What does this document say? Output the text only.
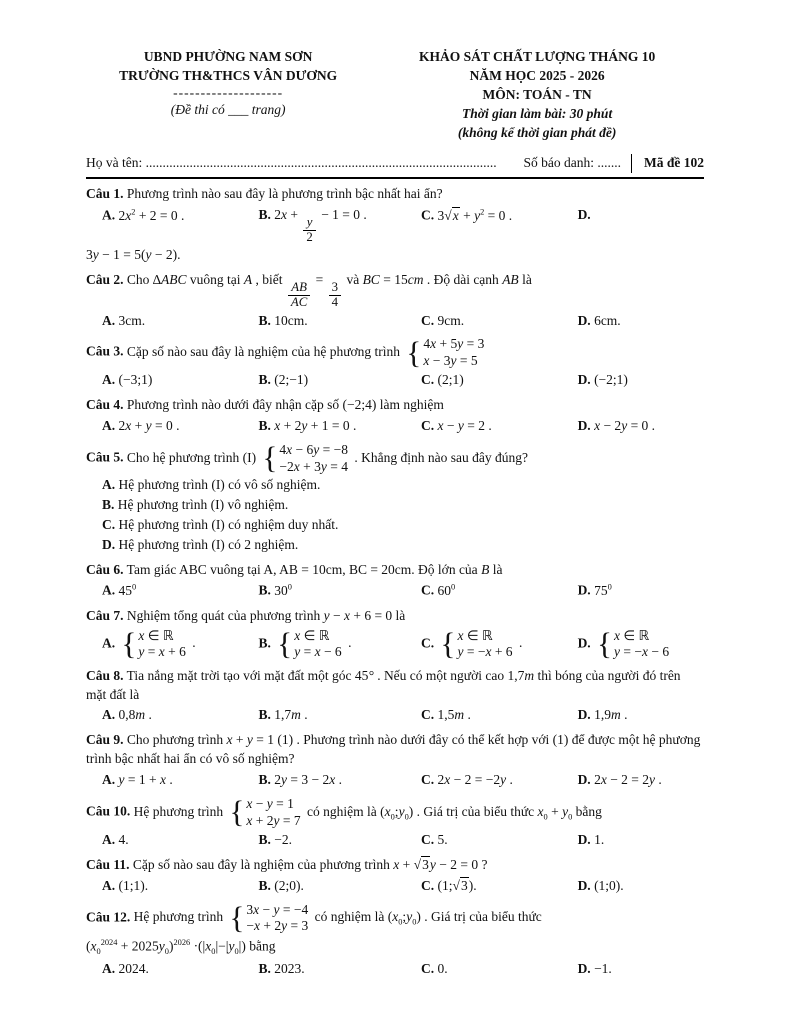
UBND PHƯỜNG NAM SƠN
TRƯỜNG TH&THCS VÂN DƯƠNG
--------------------
(Đề thi có ___ trang)
KHẢO SÁT CHẤT LƯỢNG THÁNG 10
NĂM HỌC 2025 - 2026
MÔN: TOÁN - TN
Thời gian làm bài: 30 phút
(không kể thời gian phát đề)
Họ và tên: ........................................................................................................	Số báo danh: .......	Mã đề 102
Câu 1. Phương trình nào sau đây là phương trình bậc nhất hai ẩn?
A. $2x^2 + 2 = 0$ .	B. 2x +
$\frac{y}{2}$
− 1 = 0 .	C. $3√x + y^2 = 0$ .	D.
3y − 1 = 5(y − 2).
Câu 2. Cho ∆ABC vuông tại A , biết
$\frac{AB}{AC}$
=
$\frac{3}{4}$
và BC = 15cm . Độ dài cạnh AB là
A. 3cm.	B. 10cm.	C. 9cm.	D. 6cm.
Câu 3. Cặp số nào sau đây là nghiệm của hệ phương trình { 4x + 5y = 3
x − 3y = 5
A. (−3;1)	B. (2;−1)	C. (2;1)	D. (−2;1)
Câu 4. Phương trình nào dưới đây nhận cặp số (−2;4) làm nghiệm
A. 2x + y = 0 .	B. x + 2y + 1 = 0 .	C. x − y = 2 .	D. x − 2y = 0 .
Câu 5. Cho hệ phương trình (I) { 4x − 6y = −8
−2x + 3y = 4
. Khẳng định nào sau đây đúng?
A. Hệ phương trình (I) có vô số nghiệm.
B. Hệ phương trình (I) vô nghiệm.
C. Hệ phương trình (I) có nghiệm duy nhất.
D. Hệ phương trình (I) có 2 nghiệm.
Câu 6. Tam giác ABC vuông tại A, AB = 10cm, BC = 20cm. Độ lớn của B là
A. $45^0$	B. $30^0$	C. $60^0$	D. $75^0$
Câu 7. Nghiệm tổng quát của phương trình y − x + 6 = 0 là
A. { x ∈ ℝ
y = x + 6
.	B. { x ∈ ℝ
y = x − 6
.	C. { x ∈ ℝ
y = −x + 6
.	D. { x ∈ ℝ
y = −x − 6
Câu 8. Tia nắng mặt trời tạo với mặt đất một góc 45° . Nếu có một người cao 1,7m thì bóng của người đó trên mặt đất là
A. 0,8m .	B. 1,7m .	C. 1,5m .	D. 1,9m .
Câu 9. Cho phương trình x + y = 1 (1) . Phương trình nào dưới đây có thể kết hợp với (1) để được một hệ phương trình bậc nhất hai ẩn có vô số nghiệm?
A. y = 1 + x .	B. 2y = 3 − 2x .	C. 2x − 2 = −2y .	D. 2x − 2 = 2y .
Câu 10. Hệ phương trình { x − y = 1
x + 2y = 7
có nghiệm là $(x_0;y_0)$ . Giá trị của biểu thức $x_0 + y_0$ bằng
A. 4.	B. −2.	C. 5.	D. 1.
Câu 11. Cặp số nào sau đây là nghiệm của phương trình x + √3y − 2 = 0 ?
A. (1;1).	B. (2;0).	C. (1;√3).	D. (1;0).
Câu 12. Hệ phương trình { 3x − y = −4
−x + 2y = 3
có nghiệm là $(x_0;y_0)$ . Giá trị của biểu thức
$(x_0^{2024} + 2025y_0)^{2026} \cdot(|x_0|-|y_0|)$ bằng
A. 2024.	B. 2023.	C. 0.	D. −1.
